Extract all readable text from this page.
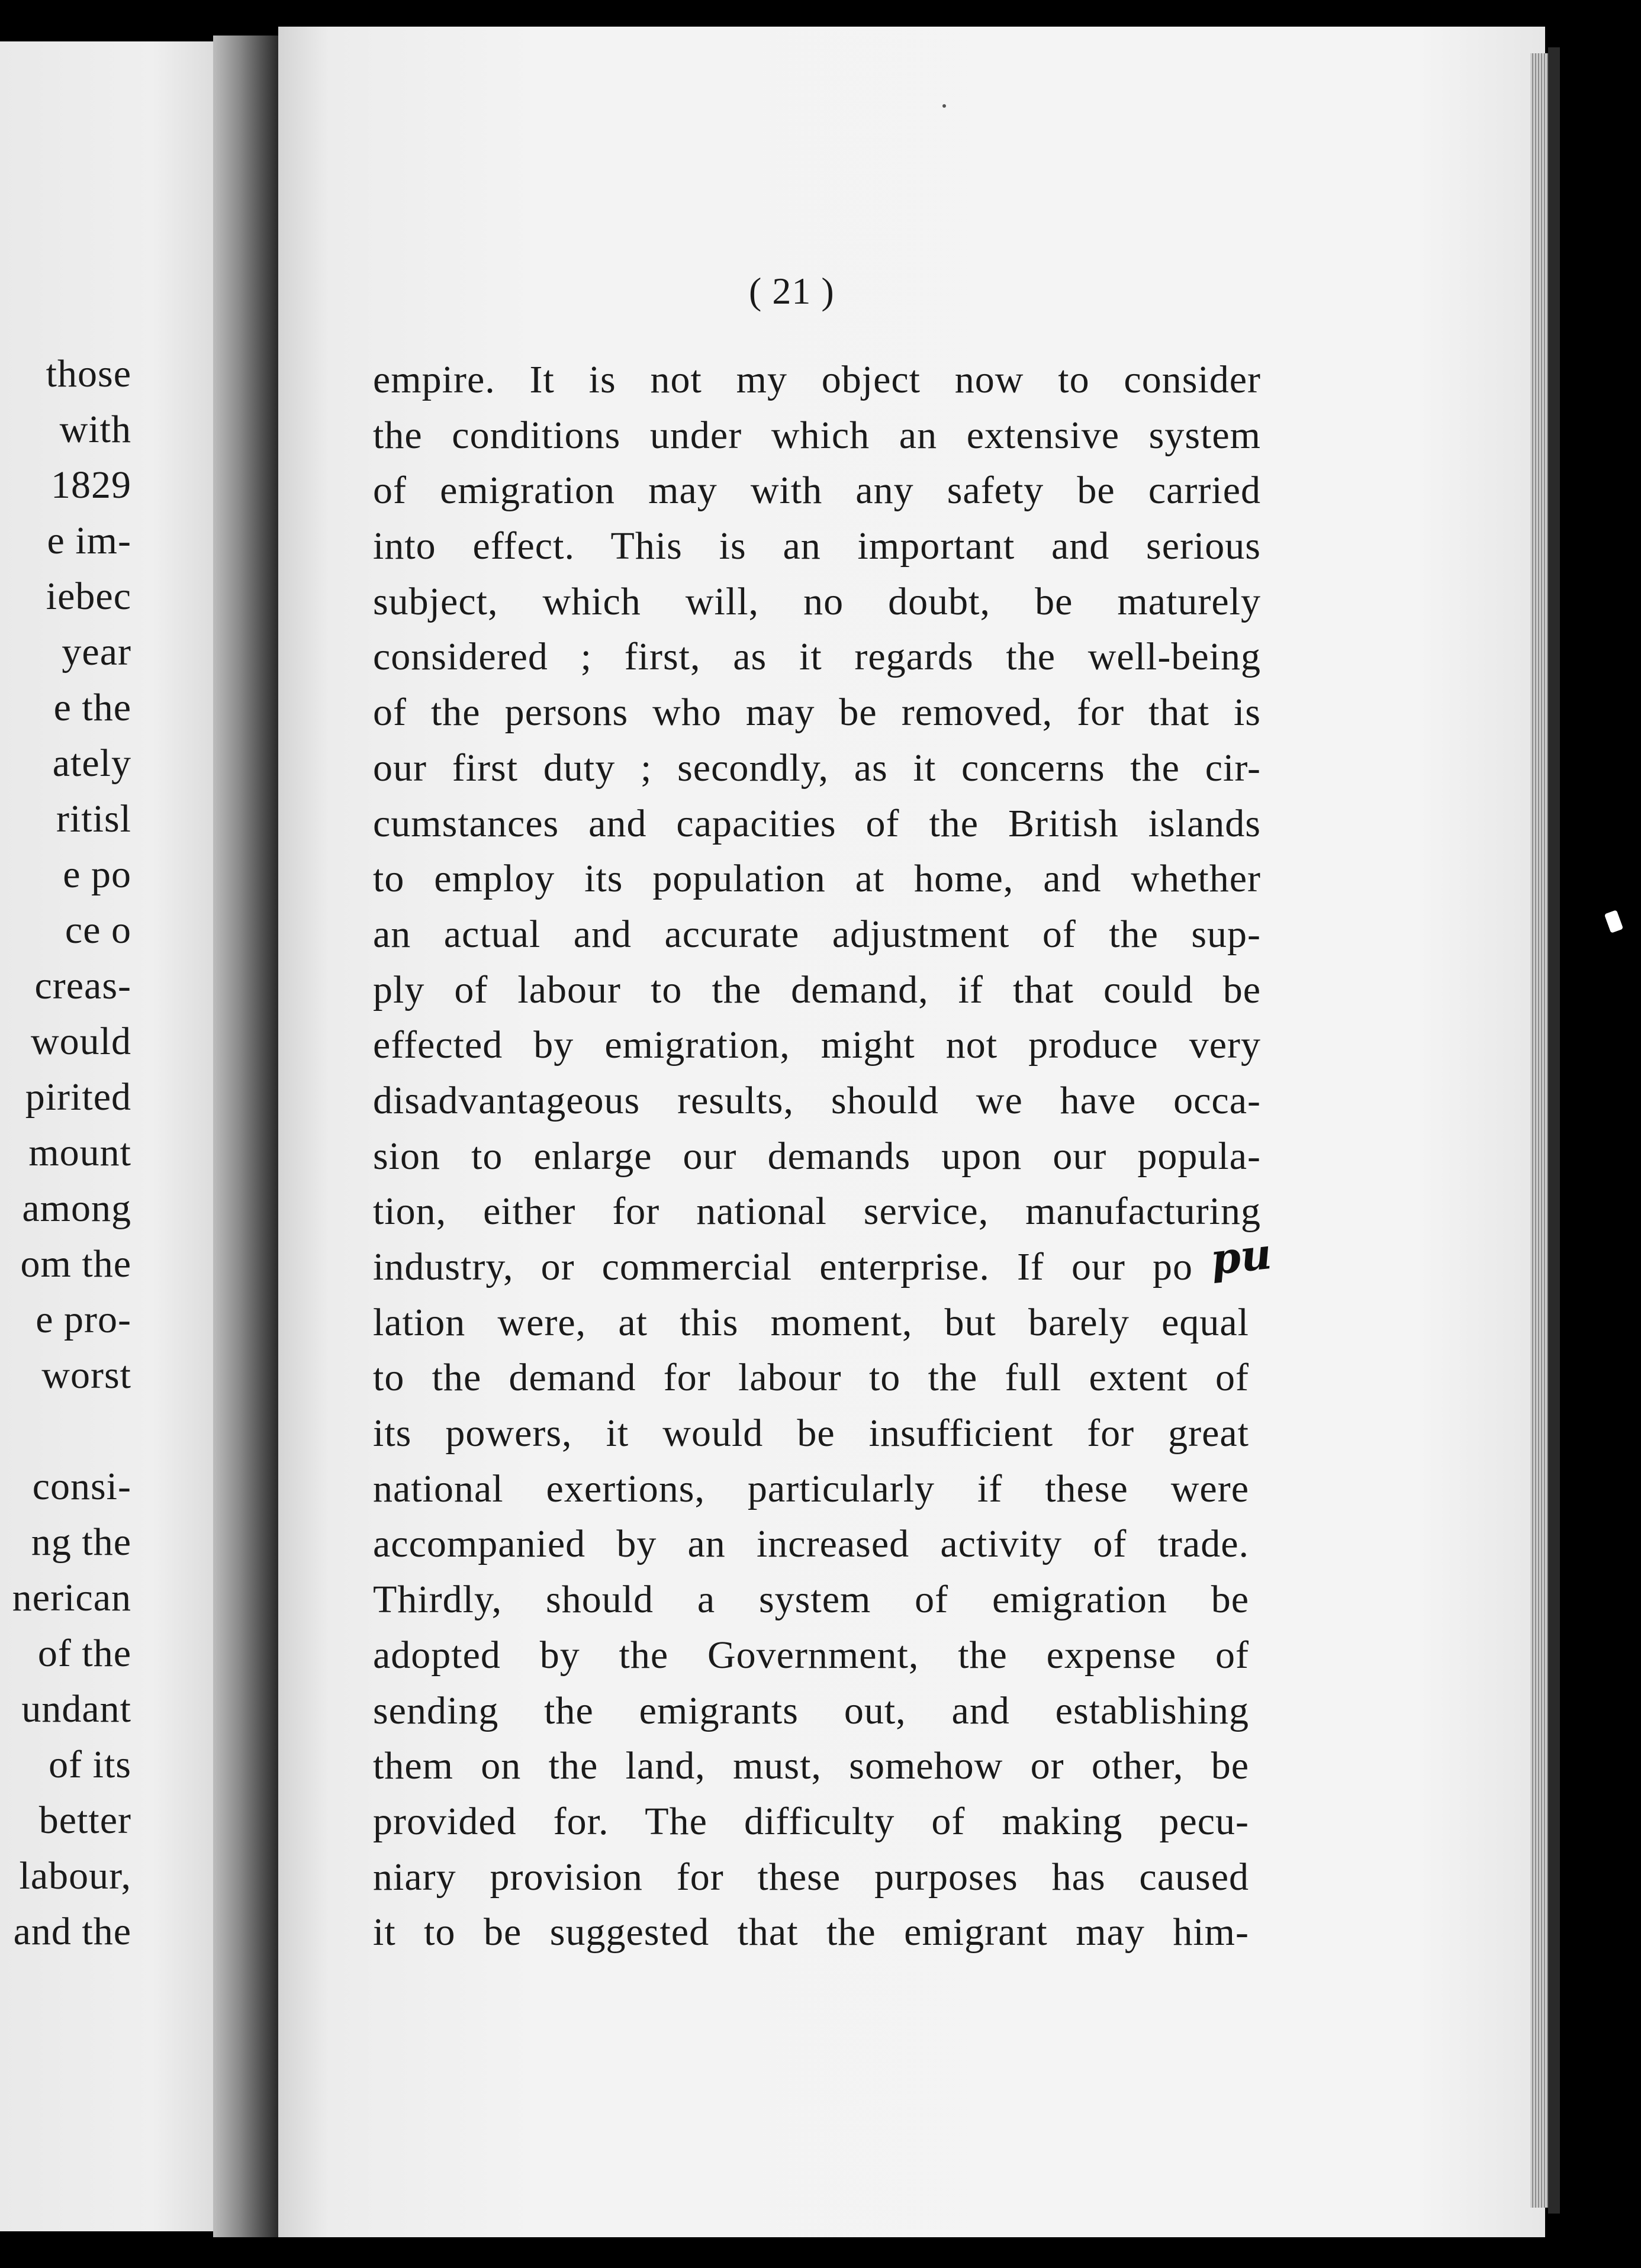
those
with
1829
e im-
iebec
year
e the
ately
ritisl
e po
ce o
creas-
would
pirited
mount
among
om the
e pro-
worst
consi-
ng the
nerican
of the
undant
of its
better
labour,
and the
( 21 )
empire. It is not my object now to consider
the conditions under which an extensive system
of emigration may with any safety be carried
into effect. This is an important and serious
subject, which will, no doubt, be maturely
considered ; first, as it regards the well-being
of the persons who may be removed, for that is
our first duty ; secondly, as it concerns the cir-
cumstances and capacities of the British islands
to employ its population at home, and whether
an actual and accurate adjustment of the sup-
ply of labour to the demand, if that could be
effected by emigration, might not produce very
disadvantageous results, should we have occa-
sion to enlarge our demands upon our popula-
tion, either for national service, manufacturing
industry, or commercial enterprise. If our po
lation were, at this moment, but barely equal
to the demand for labour to the full extent of
its powers, it would be insufficient for great
national exertions, particularly if these were
accompanied by an increased activity of trade.
Thirdly, should a system of emigration be
adopted by the Government, the expense of
sending the emigrants out, and establishing
them on the land, must, somehow or other, be
provided for. The difficulty of making pecu-
niary provision for these purposes has caused
it to be suggested that the emigrant may him-
pu
